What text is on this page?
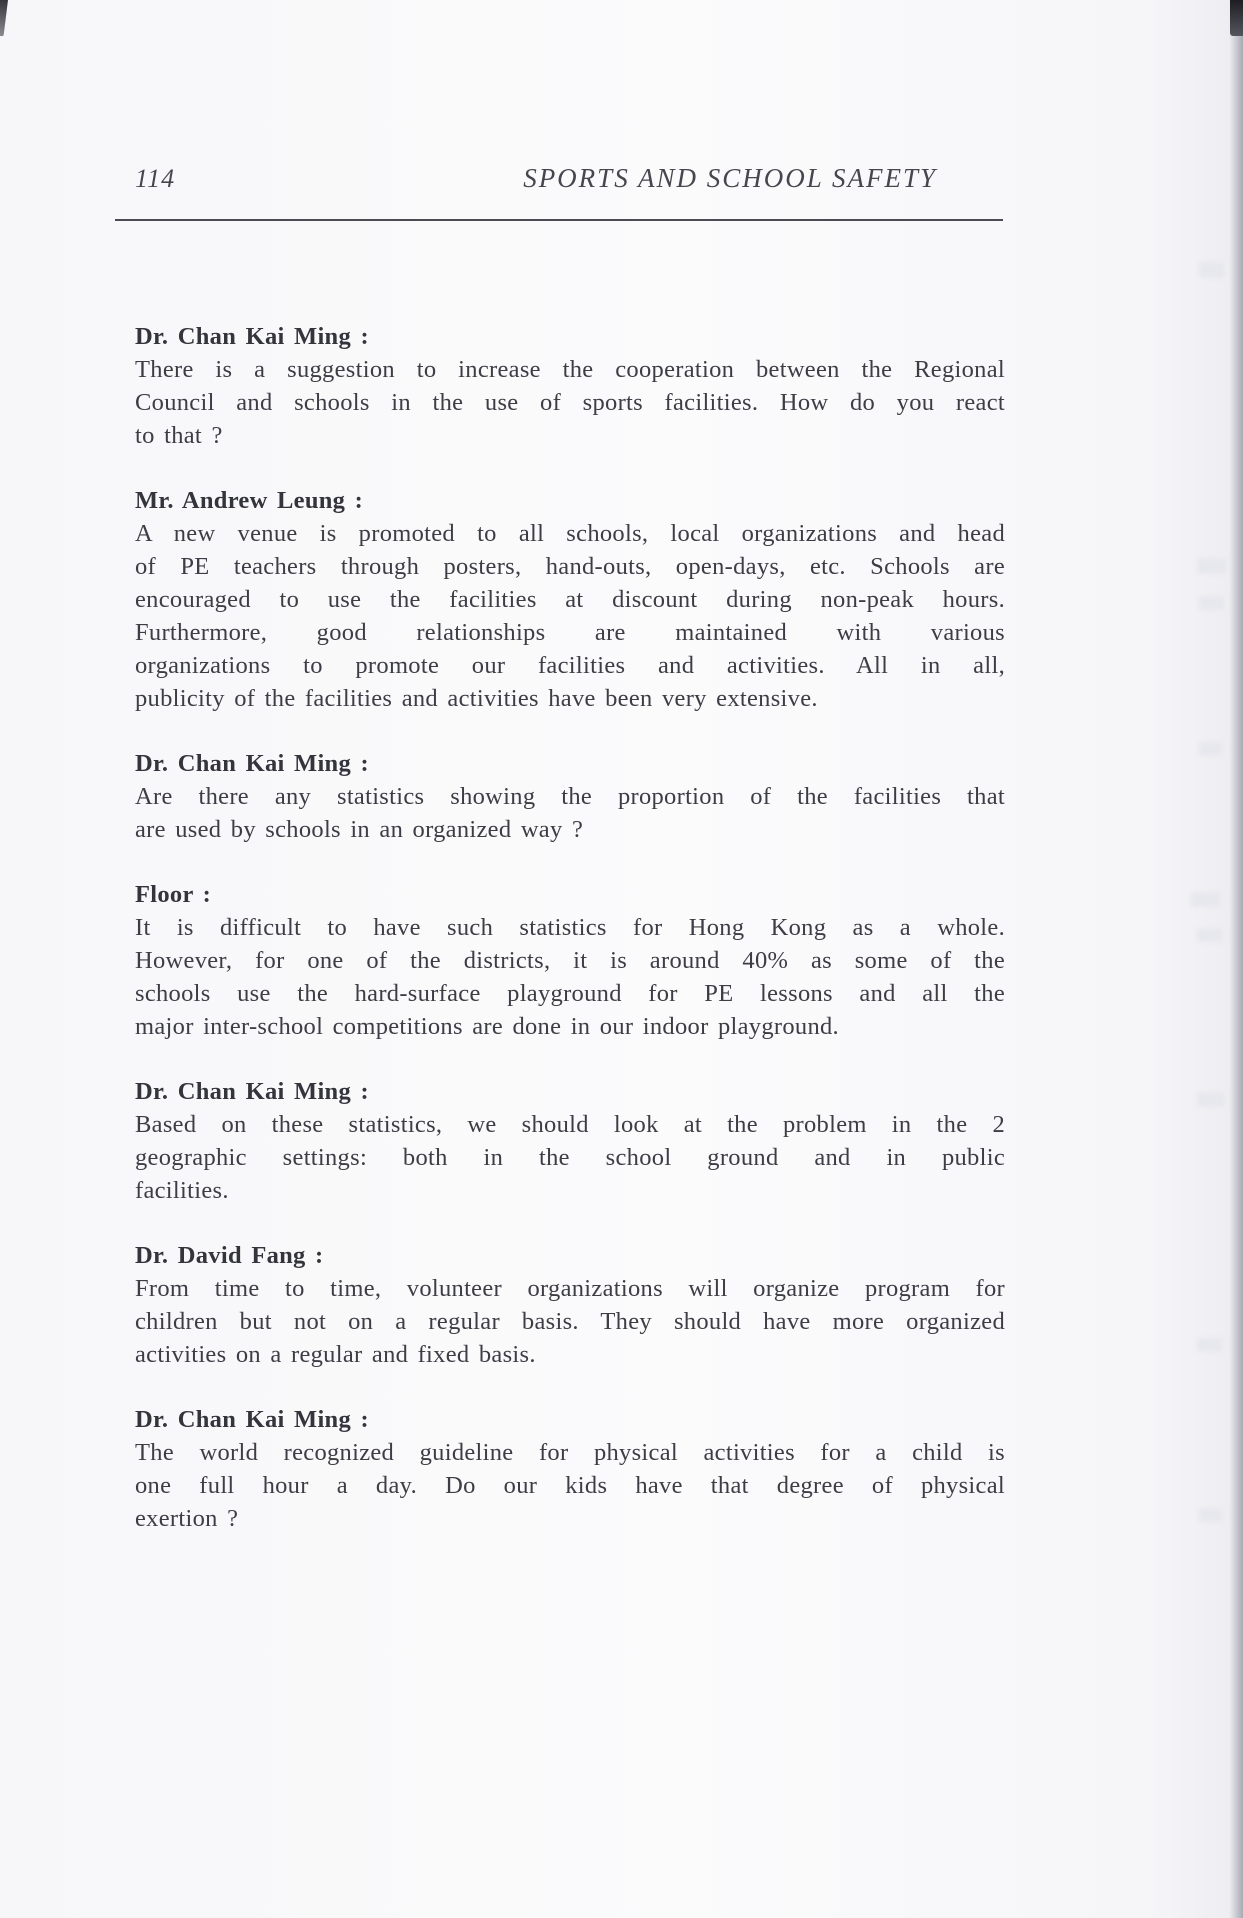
114	SPORTS AND SCHOOL SAFETY
Dr. Chan Kai Ming :
There is a suggestion to increase the cooperation between the Regional
Council and schools in the use of sports facilities. How do you react
to that ?
Mr. Andrew Leung :
A new venue is promoted to all schools, local organizations and head
of PE teachers through posters, hand-outs, open-days, etc. Schools are
encouraged to use the facilities at discount during non-peak hours.
Furthermore, good relationships are maintained with various
organizations to promote our facilities and activities. All in all,
publicity of the facilities and activities have been very extensive.
Dr. Chan Kai Ming :
Are there any statistics showing the proportion of the facilities that
are used by schools in an organized way ?
Floor :
It is difficult to have such statistics for Hong Kong as a whole.
However, for one of the districts, it is around 40% as some of the
schools use the hard-surface playground for PE lessons and all the
major inter-school competitions are done in our indoor playground.
Dr. Chan Kai Ming :
Based on these statistics, we should look at the problem in the 2
geographic settings: both in the school ground and in public
facilities.
Dr. David Fang :
From time to time, volunteer organizations will organize program for
children but not on a regular basis. They should have more organized
activities on a regular and fixed basis.
Dr. Chan Kai Ming :
The world recognized guideline for physical activities for a child is
one full hour a day. Do our kids have that degree of physical
exertion ?
